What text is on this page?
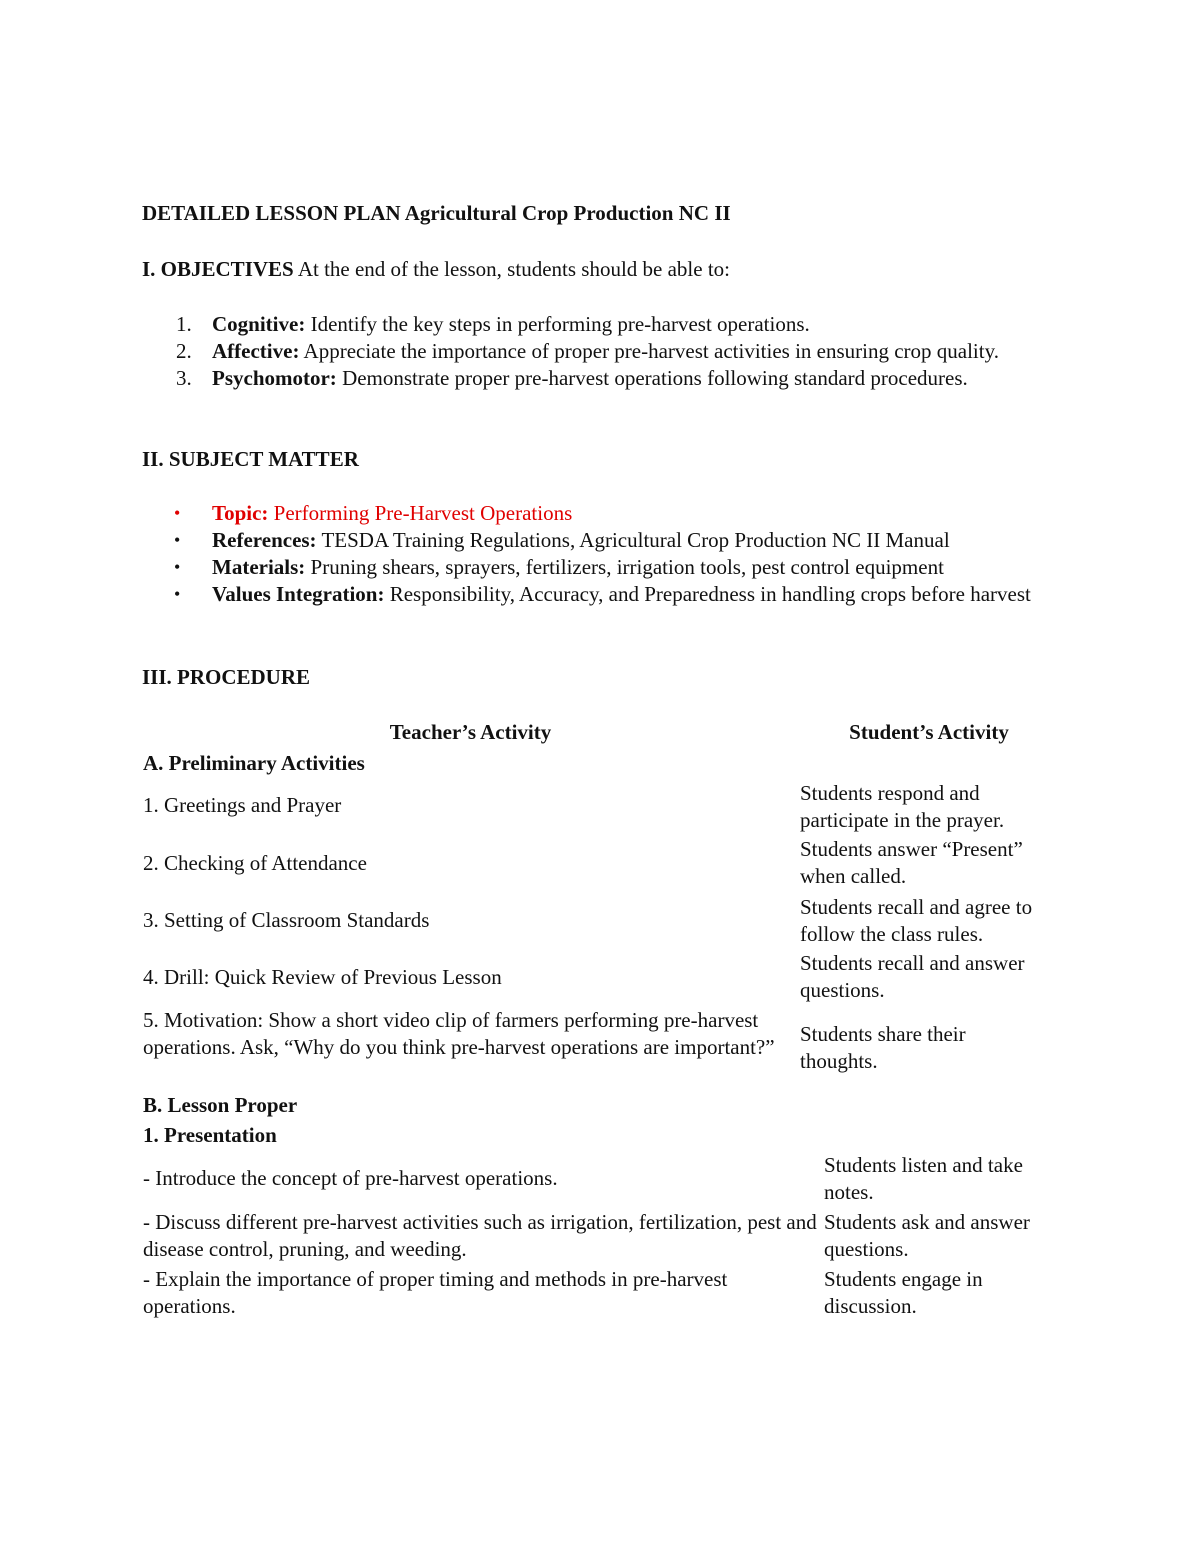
DETAILED LESSON PLAN Agricultural Crop Production NC II
I. OBJECTIVES At the end of the lesson, students should be able to:
1. Cognitive: Identify the key steps in performing pre-harvest operations.
2. Affective: Appreciate the importance of proper pre-harvest activities in ensuring crop quality.
3. Psychomotor: Demonstrate proper pre-harvest operations following standard procedures.
II. SUBJECT MATTER
• Topic: Performing Pre-Harvest Operations
• References: TESDA Training Regulations, Agricultural Crop Production NC II Manual
• Materials: Pruning shears, sprayers, fertilizers, irrigation tools, pest control equipment
• Values Integration: Responsibility, Accuracy, and Preparedness in handling crops before harvest
III. PROCEDURE
Teacher’s Activity	Student’s Activity
A. Preliminary Activities
1. Greetings and Prayer	Students respond and participate in the prayer.
2. Checking of Attendance
Students answer “Present” when called.
3. Setting of Classroom Standards
Students recall and agree to follow the class rules.
4. Drill: Quick Review of Previous Lesson
Students recall and answer questions.
5. Motivation: Show a short video clip of farmers performing pre-harvest operations. Ask, “Why do you think pre-harvest operations are important?”
Students share their thoughts.
B. Lesson Proper
1. Presentation
- Introduce the concept of pre-harvest operations.
Students listen and take notes.
- Discuss different pre-harvest activities such as irrigation, fertilization, pest and disease control, pruning, and weeding.
Students ask and answer questions.
- Explain the importance of proper timing and methods in pre-harvest operations.
Students engage in discussion.
